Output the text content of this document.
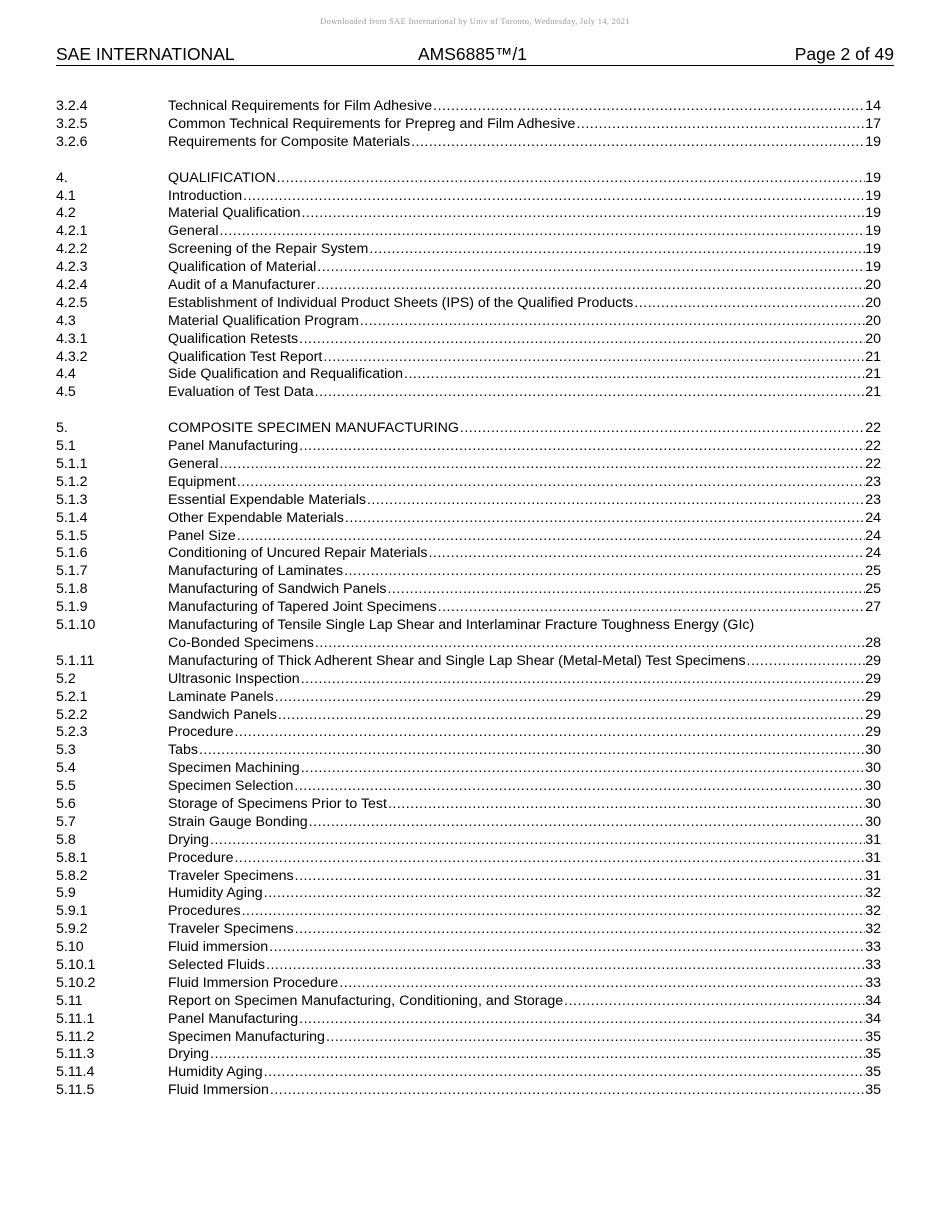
Downloaded from SAE International by Univ of Toronto, Wednesday, July 14, 2021
SAE INTERNATIONAL	AMS6885™/1	Page 2 of 49
3.2.4	Technical Requirements for Film Adhesive .....	14
3.2.5	Common Technical Requirements for Prepreg and Film Adhesive .....	17
3.2.6	Requirements for Composite Materials .....	19
4.	QUALIFICATION .....	19
4.1	Introduction .....	19
4.2	Material Qualification .....	19
4.2.1	General .....	19
4.2.2	Screening of the Repair System .....	19
4.2.3	Qualification of Material .....	19
4.2.4	Audit of a Manufacturer .....	20
4.2.5	Establishment of Individual Product Sheets (IPS) of the Qualified Products .....	20
4.3	Material Qualification Program .....	20
4.3.1	Qualification Retests .....	20
4.3.2	Qualification Test Report .....	21
4.4	Side Qualification and Requalification .....	21
4.5	Evaluation of Test Data .....	21
5.	COMPOSITE SPECIMEN MANUFACTURING .....	22
5.1	Panel Manufacturing .....	22
5.1.1	General .....	22
5.1.2	Equipment .....	23
5.1.3	Essential Expendable Materials .....	23
5.1.4	Other Expendable Materials .....	24
5.1.5	Panel Size .....	24
5.1.6	Conditioning of Uncured Repair Materials .....	24
5.1.7	Manufacturing of Laminates .....	25
5.1.8	Manufacturing of Sandwich Panels .....	25
5.1.9	Manufacturing of Tapered Joint Specimens .....	27
5.1.10	Manufacturing of Tensile Single Lap Shear and Interlaminar Fracture Toughness Energy (GIc)
Co-Bonded Specimens .....	28
5.1.11	Manufacturing of Thick Adherent Shear and Single Lap Shear (Metal-Metal) Test Specimens .....	29
5.2	Ultrasonic Inspection .....	29
5.2.1	Laminate Panels .....	29
5.2.2	Sandwich Panels .....	29
5.2.3	Procedure .....	29
5.3	Tabs .....	30
5.4	Specimen Machining .....	30
5.5	Specimen Selection .....	30
5.6	Storage of Specimens Prior to Test .....	30
5.7	Strain Gauge Bonding .....	30
5.8	Drying .....	31
5.8.1	Procedure .....	31
5.8.2	Traveler Specimens .....	31
5.9	Humidity Aging .....	32
5.9.1	Procedures .....	32
5.9.2	Traveler Specimens .....	32
5.10	Fluid immersion .....	33
5.10.1	Selected Fluids .....	33
5.10.2	Fluid Immersion Procedure .....	33
5.11	Report on Specimen Manufacturing, Conditioning, and Storage .....	34
5.11.1	Panel Manufacturing .....	34
5.11.2	Specimen Manufacturing .....	35
5.11.3	Drying .....	35
5.11.4	Humidity Aging .....	35
5.11.5	Fluid Immersion .....	35
